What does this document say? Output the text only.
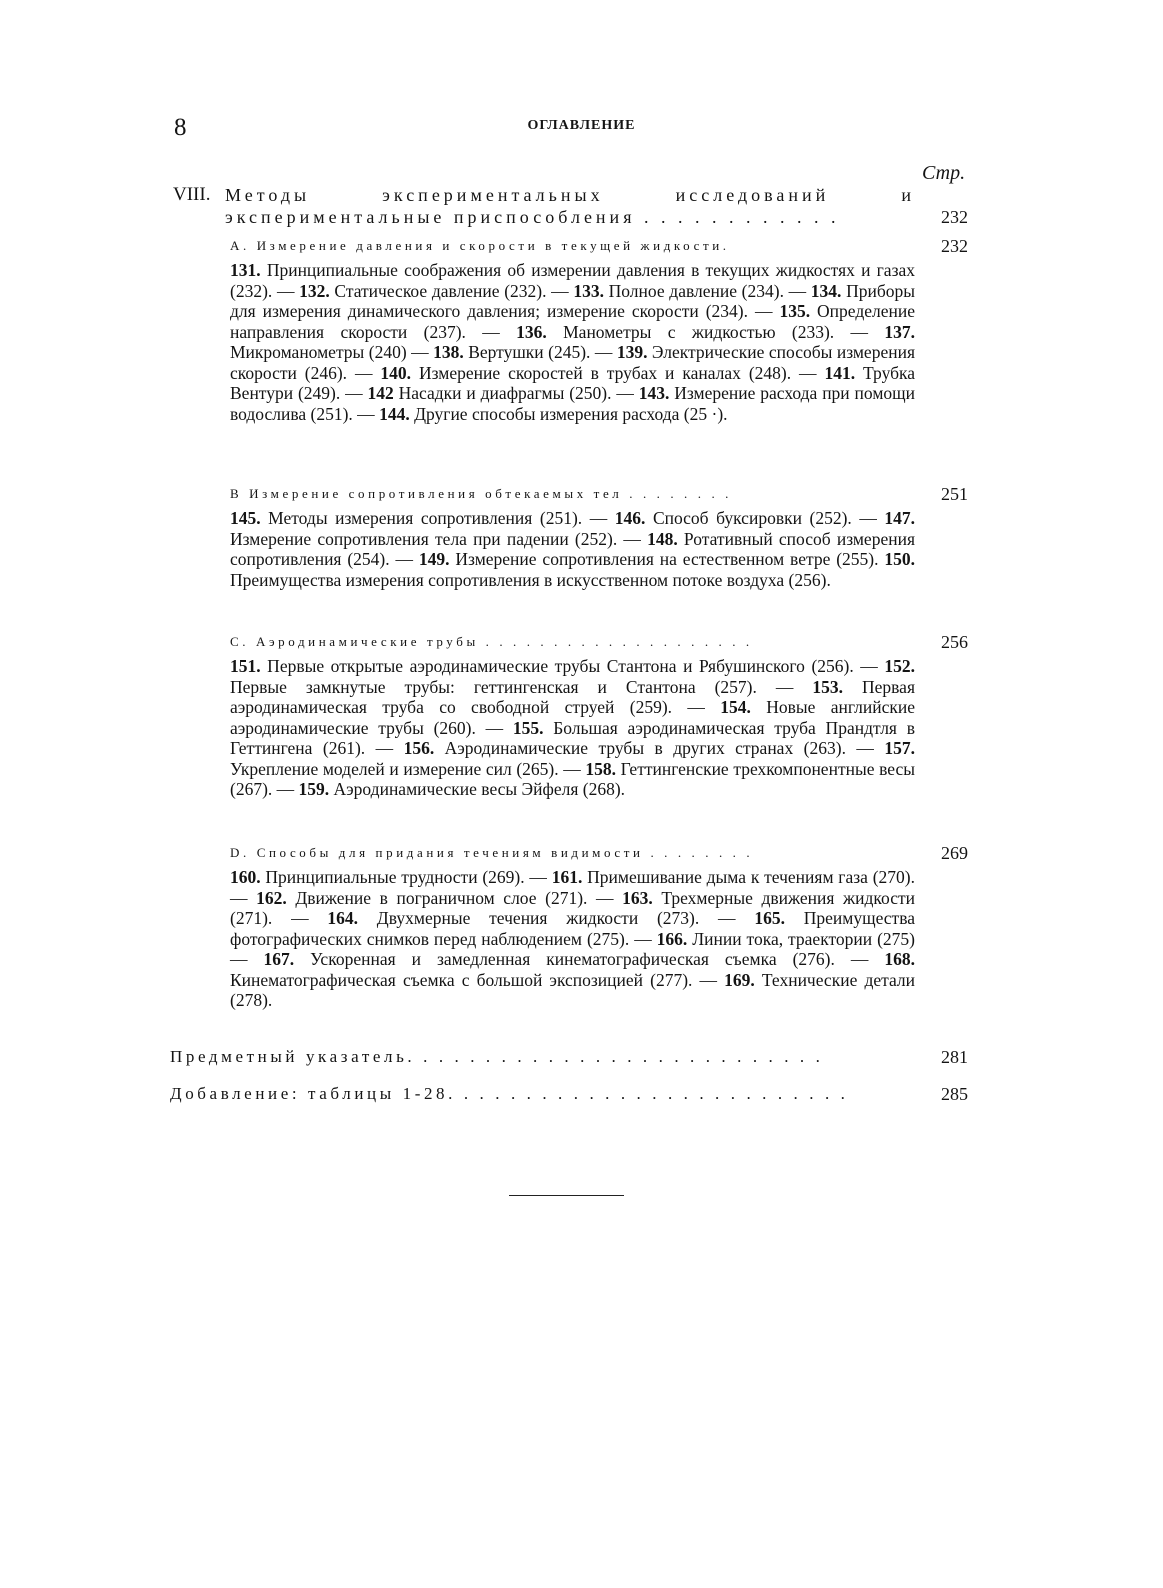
8	ОГЛАВЛЕНИЕ
Стр.
VIII. Методы экспериментальных исследований и экспериментальные приспособления . . . . . . . . . . . .	232
А. Измерение давления и скорости в текущей жидкости.	232
131. Принципиальные соображения об измерении давления в текущих жидкостях и газах (232). — 132. Статическое давление (232). — 133. Полное давление (234). — 134. Приборы для измерения динамического давления; измерение скорости (234). — 135. Определение направления скорости (237). — 136. Манометры с жидкостью (233). — 137. Микроманометры (240) — 138. Вертушки (245). — 139. Электрические способы измерения скорости (246). — 140. Измерение скоростей в трубах и каналах (248). — 141. Трубка Вентури (249). — 142 Насадки и диафрагмы (250). — 143. Измерение расхода при помощи водослива (251). — 144. Другие способы измерения расхода (25 ·).
В Измерение сопротивления обтекаемых тел . . . . . . . .	251
145. Методы измерения сопротивления (251). — 146. Способ буксировки (252). — 147. Измерение сопротивления тела при падении (252). — 148. Ротативный способ измерения сопротивления (254). — 149. Измерение сопротивления на естественном ветре (255). 150. Преимущества измерения сопротивления в искусственном потоке воздуха (256).
С. Аэродинамические трубы . . . . . . . . . . . . . . . . . . . .	256
151. Первые открытые аэродинамические трубы Стантона и Рябушинского (256). — 152. Первые замкнутые трубы: геттингенская и Стантона (257). — 153. Первая аэродинамическая труба со свободной струей (259). — 154. Новые английские аэродинамические трубы (260). — 155. Большая аэродинамическая труба Прандтля в Геттингена (261). — 156. Аэродинамические трубы в других странах (263). — 157. Укрепление моделей и измерение сил (265). — 158. Геттингенские трехкомпонентные весы (267). — 159. Аэродинамические весы Эйфеля (268).
D. Способы для придания течениям видимости . . . . . . . .	269
160. Принципиальные трудности (269). — 161. Примешивание дыма к течениям газа (270). — 162. Движение в пограничном слое (271). — 163. Трехмерные движения жидкости (271). — 164. Двухмерные течения жидкости (273). — 165. Преимущества фотографических снимков перед наблюдением (275). — 166. Линии тока, траектории (275) — 167. Ускоренная и замедленная кинематографическая съемка (276). — 168. Кинематографическая съемка с большой экспозицией (277). — 169. Технические детали (278).
Предметный указатель. . . . . . . . . . . . . . . . . . . . . . . . . . .	281
Добавление: таблицы 1-28. . . . . . . . . . . . . . . . . . . . . . . . . .	285
